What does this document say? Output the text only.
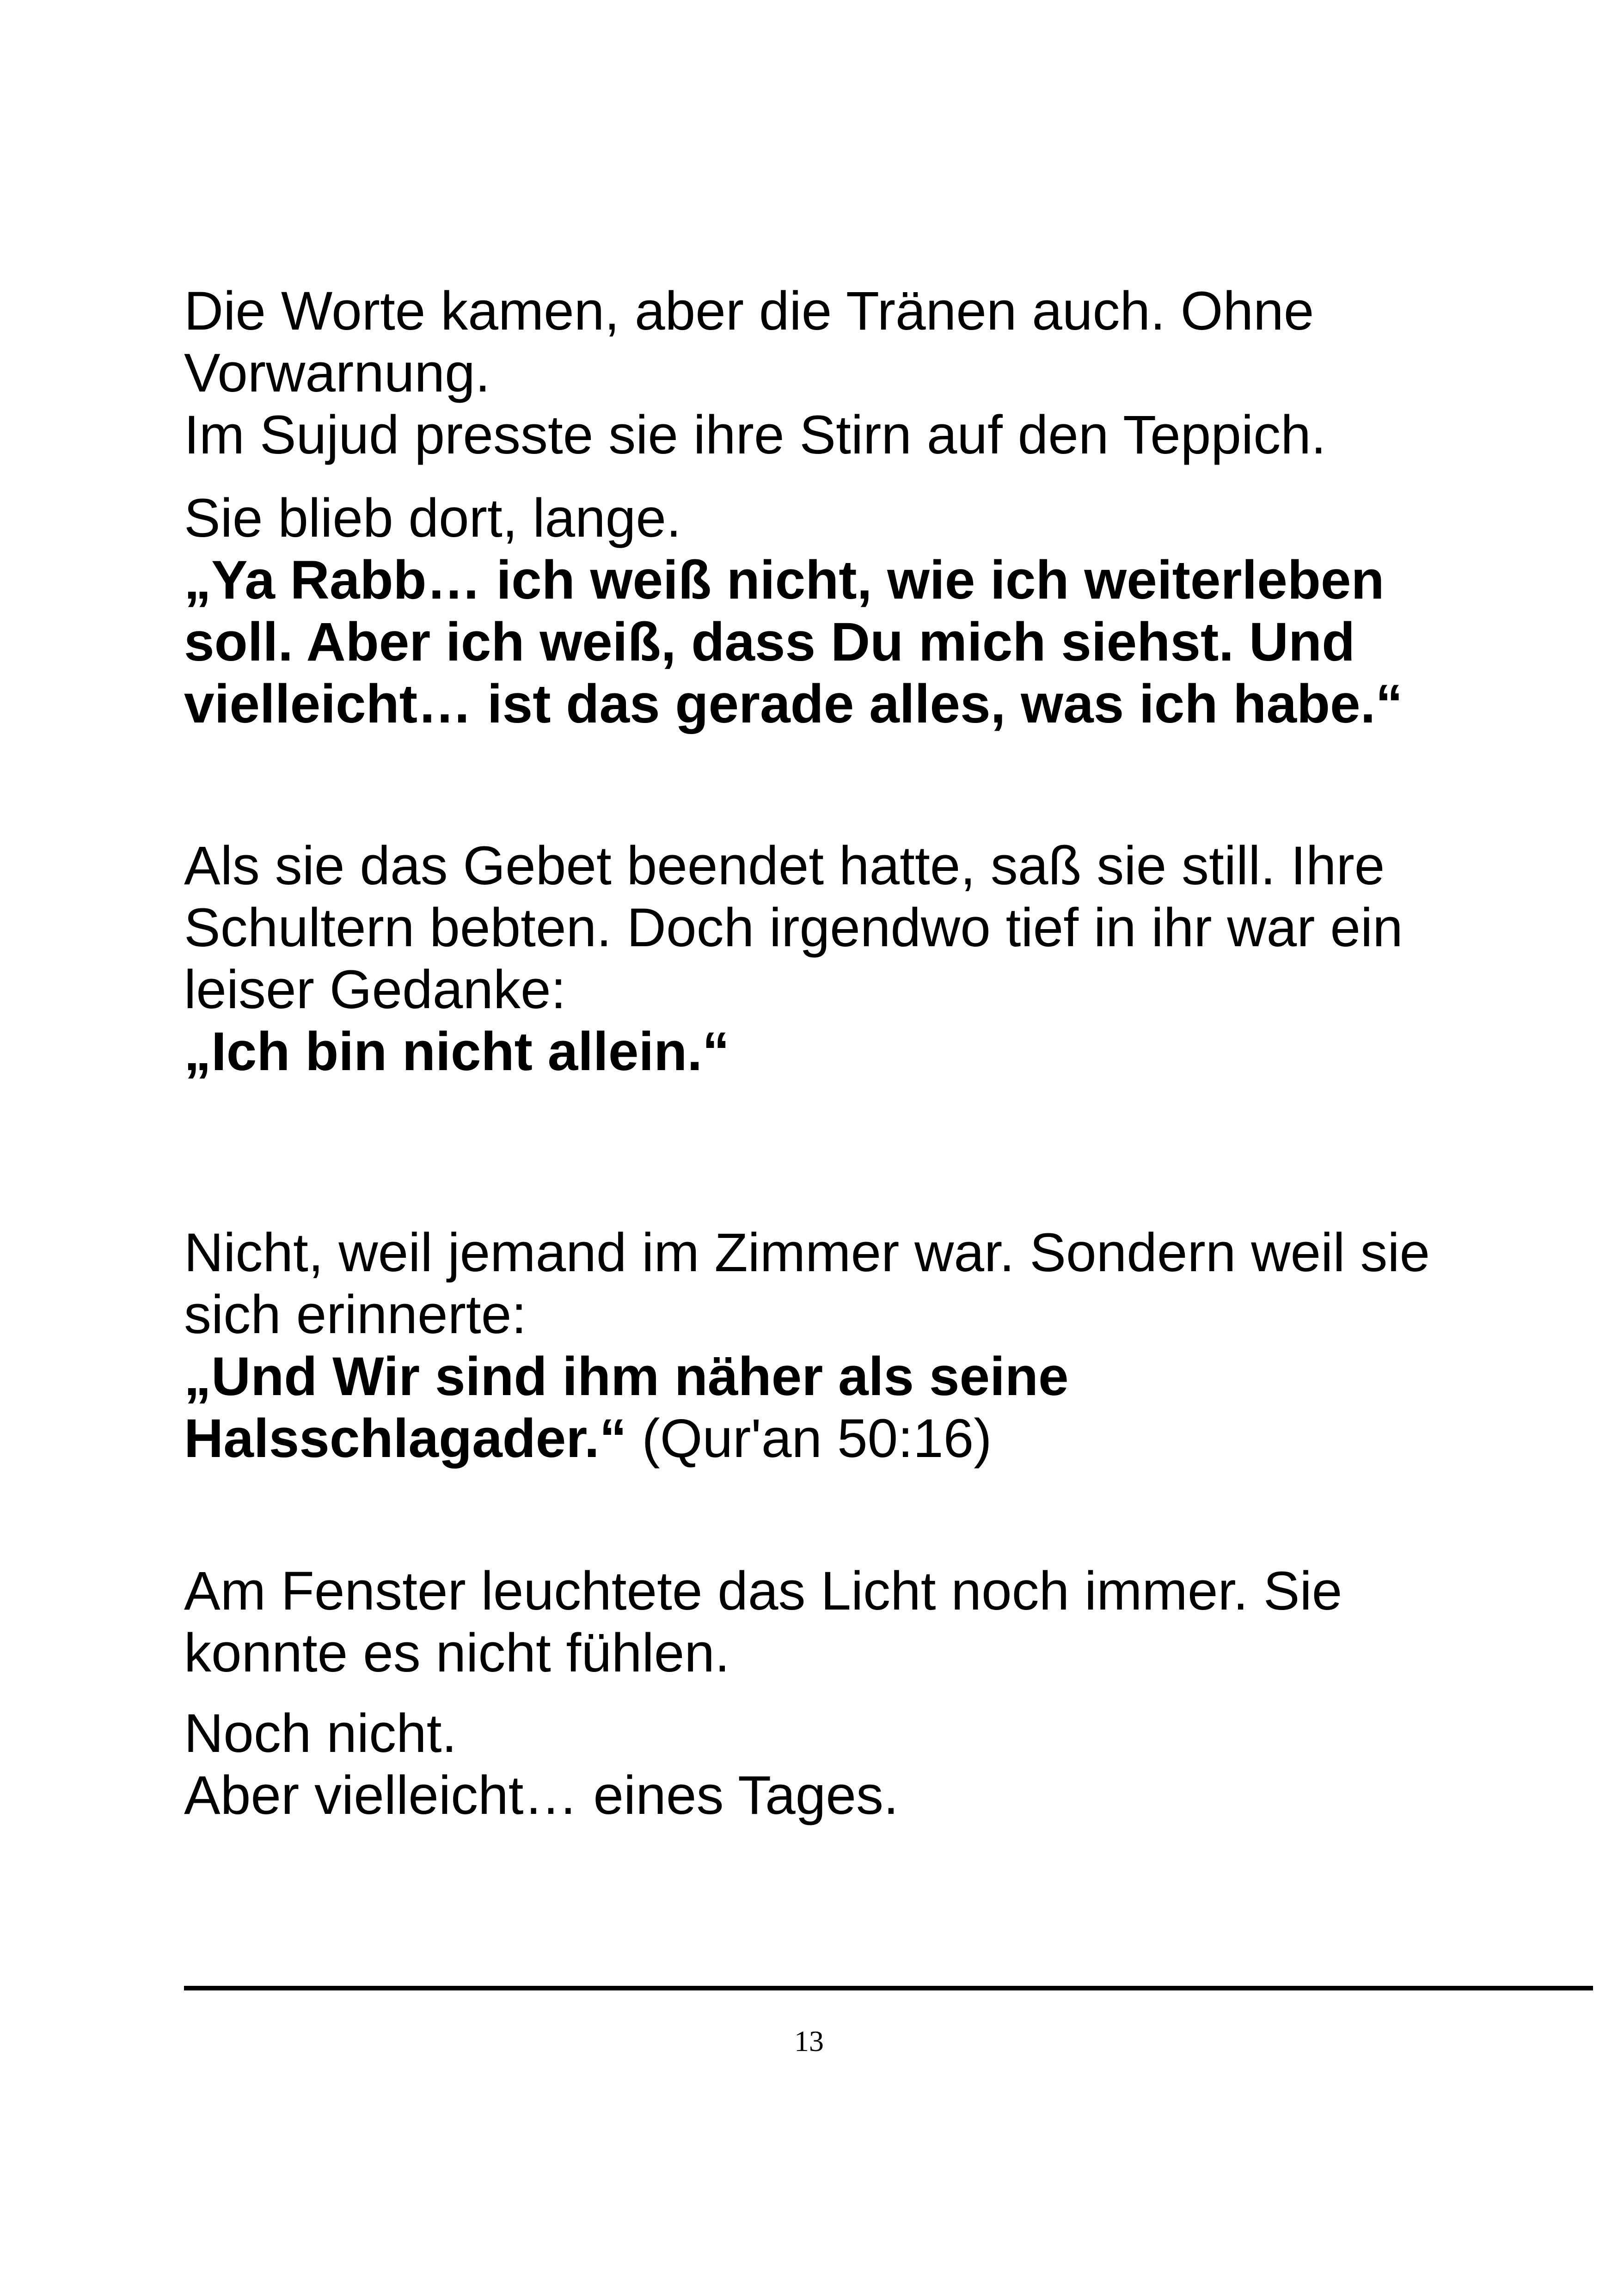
Die Worte kamen, aber die Tränen auch. Ohne
Vorwarnung.
Im Sujud presste sie ihre Stirn auf den Teppich.
Sie blieb dort, lange.
„Ya Rabb… ich weiß nicht, wie ich weiterleben
soll. Aber ich weiß, dass Du mich siehst. Und
vielleicht… ist das gerade alles, was ich habe.“
Als sie das Gebet beendet hatte, saß sie still. Ihre
Schultern bebten. Doch irgendwo tief in ihr war ein
leiser Gedanke:
„Ich bin nicht allein.“
Nicht, weil jemand im Zimmer war. Sondern weil sie
sich erinnerte:
„Und Wir sind ihm näher als seine
Halsschlagader.“ (Qur'an 50:16)
Am Fenster leuchtete das Licht noch immer. Sie
konnte es nicht fühlen.
Noch nicht.
Aber vielleicht… eines Tages.
13
